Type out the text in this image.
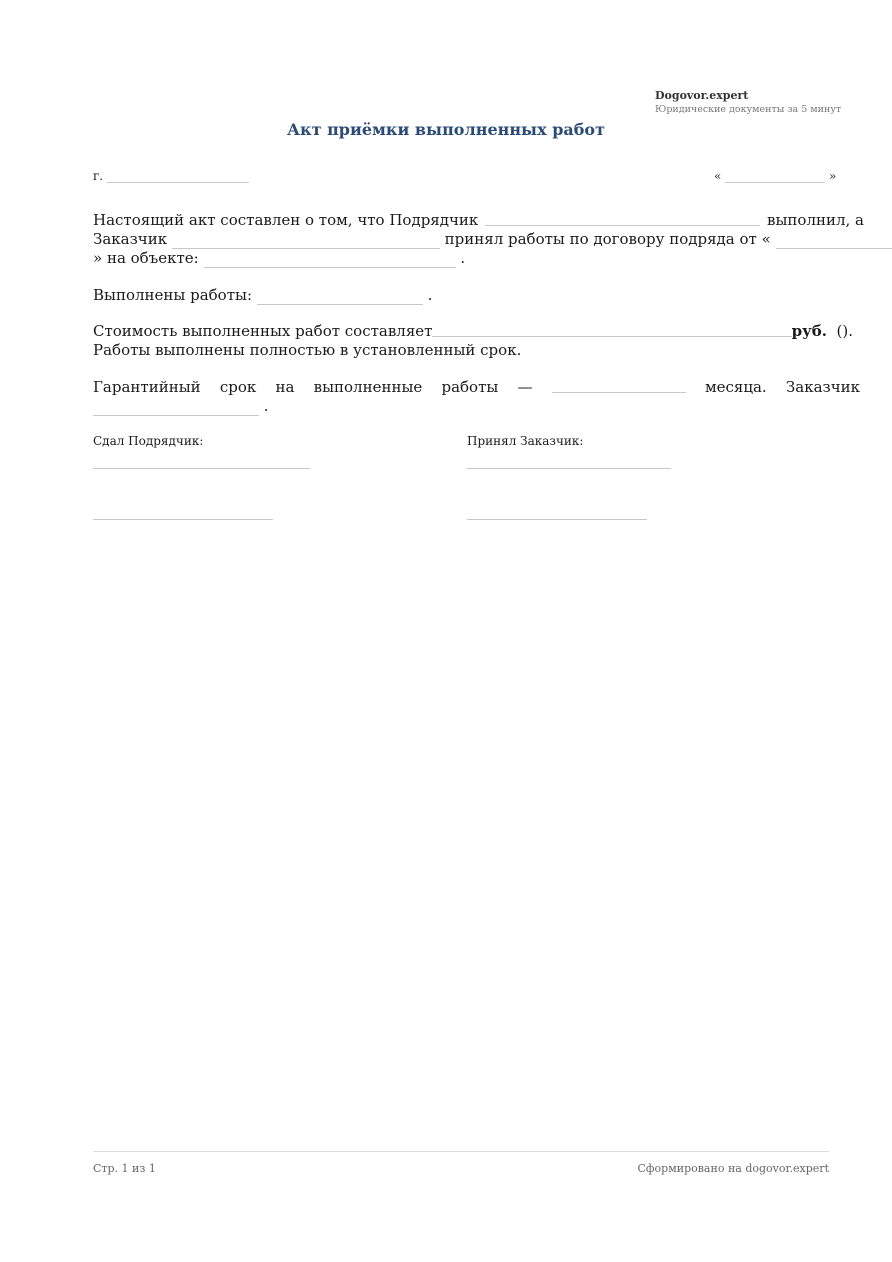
Dogovor.expert
Юридические документы за 5 минут
Акт приёмки выполненных работ
г.	«	»
Настоящий акт составлен о том, что Подрядчик	выполнил, а
Заказчик	принял работы по договору подряда от «
» на объекте:	.
Выполнены работы:	.
Стоимость выполненных работ составляет	руб. ().
Работы выполнены полностью в установленный срок.
Гарантийный срок на выполненные работы —	месяца. Заказчик
.
Сдал Подрядчик:	Принял Заказчик:
Стр. 1 из 1	Сформировано на dogovor.expert
